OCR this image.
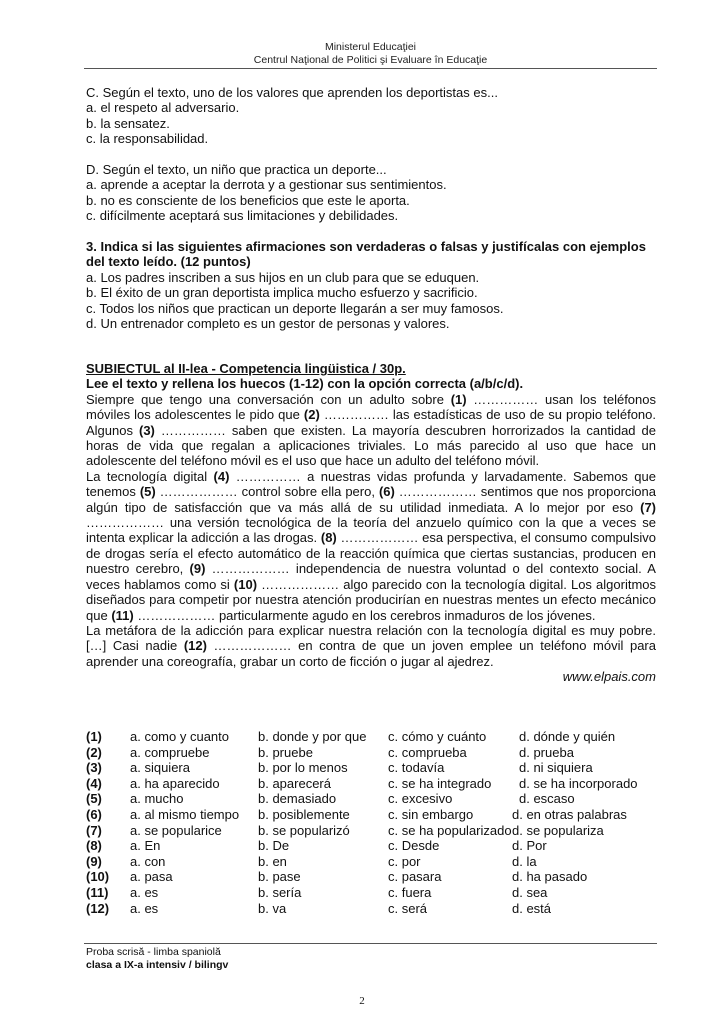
Ministerul Educaţiei
Centrul Naţional de Politici şi Evaluare în Educaţie

C. Según el texto, uno de los valores que aprenden los deportistas es...

a. el respeto al adversario.

b. la sensatez.

c. la responsabilidad.

D. Según el texto, un niño que practica un deporte...

a. aprende a aceptar la derrota y a gestionar sus sentimientos.

b. no es consciente de los beneficios que este le aporta.

c. difícilmente aceptará sus limitaciones y debilidades.

3. Indica si las siguientes afirmaciones son verdaderas o falsas y justifícalas con ejemplos del texto leído. (12 puntos)

a. Los padres inscriben a sus hijos en un club para que se eduquen.

b. El éxito de un gran deportista implica mucho esfuerzo y sacrificio.

c. Todos los niños que practican un deporte llegarán a ser muy famosos.

d. Un entrenador completo es un gestor de personas y valores.

SUBIECTUL al II-lea - Competencia lingüistica / 30p.

Lee el texto y rellena los huecos (1-12) con la opción correcta (a/b/c/d).

Siempre que tengo una conversación con un adulto sobre (1) …………… usan los teléfonos móviles los adolescentes le pido que (2) …………… las estadísticas de uso de su propio teléfono. Algunos (3) …………… saben que existen. La mayoría descubren horrorizados la cantidad de horas de vida que regalan a aplicaciones triviales. Lo más parecido al uso que hace un adolescente del teléfono móvil es el uso que hace un adulto del teléfono móvil.

La tecnología digital (4) …………… a nuestras vidas profunda y larvadamente. Sabemos que tenemos (5) ……………… control sobre ella pero, (6) ……………… sentimos que nos proporciona algún tipo de satisfacción que va más allá de su utilidad inmediata. A lo mejor por eso (7) ……………… una versión tecnológica de la teoría del anzuelo químico con la que a veces se intenta explicar la adicción a las drogas. (8) ……………… esa perspectiva, el consumo compulsivo de drogas sería el efecto automático de la reacción química que ciertas sustancias, producen en nuestro cerebro, (9) ……………… independencia de nuestra voluntad o del contexto social. A veces hablamos como si (10) ……………… algo parecido con la tecnología digital. Los algoritmos diseñados para competir por nuestra atención producirían en nuestras mentes un efecto mecánico que (11) ……………… particularmente agudo en los cerebros inmaduros de los jóvenes.

La metáfora de la adicción para explicar nuestra relación con la tecnología digital es muy pobre. […] Casi nadie (12) ……………… en contra de que un joven emplee un teléfono móvil para aprender una coreografía, grabar un corto de ficción o jugar al ajedrez.

www.elpais.com

(1) a. como y cuanto b. donde y por que c. cómo y cuánto	d. dónde y quién
(2) a. compruebe	b. pruebe	c. comprueba	d. prueba
(3) a. siquiera	b. por lo menos	c. todavía	d. ni siquiera
(4) a. ha aparecido	b. aparecerá	c. se ha integrado d. se ha incorporado
(5) a. mucho	b. demasiado	c. excesivo	d. escaso
(6) a. al mismo tiempo b. posiblemente	c. sin embargo	d. en otras palabras
(7) a. se popularice	b. se popularizó	c. se ha popularizado d. se populariza
(8) a. En	b. De	c. Desde	d. Por
(9) a. con	b. en	c. por	d. la
(10) a. pasa	b. pase	c. pasara	d. ha pasado
(11) a. es	b. sería	c. fuera	d. sea
(12) a. es	b. va	c. será	d. está
Proba scrisă - limba spaniolă
clasa a IX-a intensiv / bilingv
2
